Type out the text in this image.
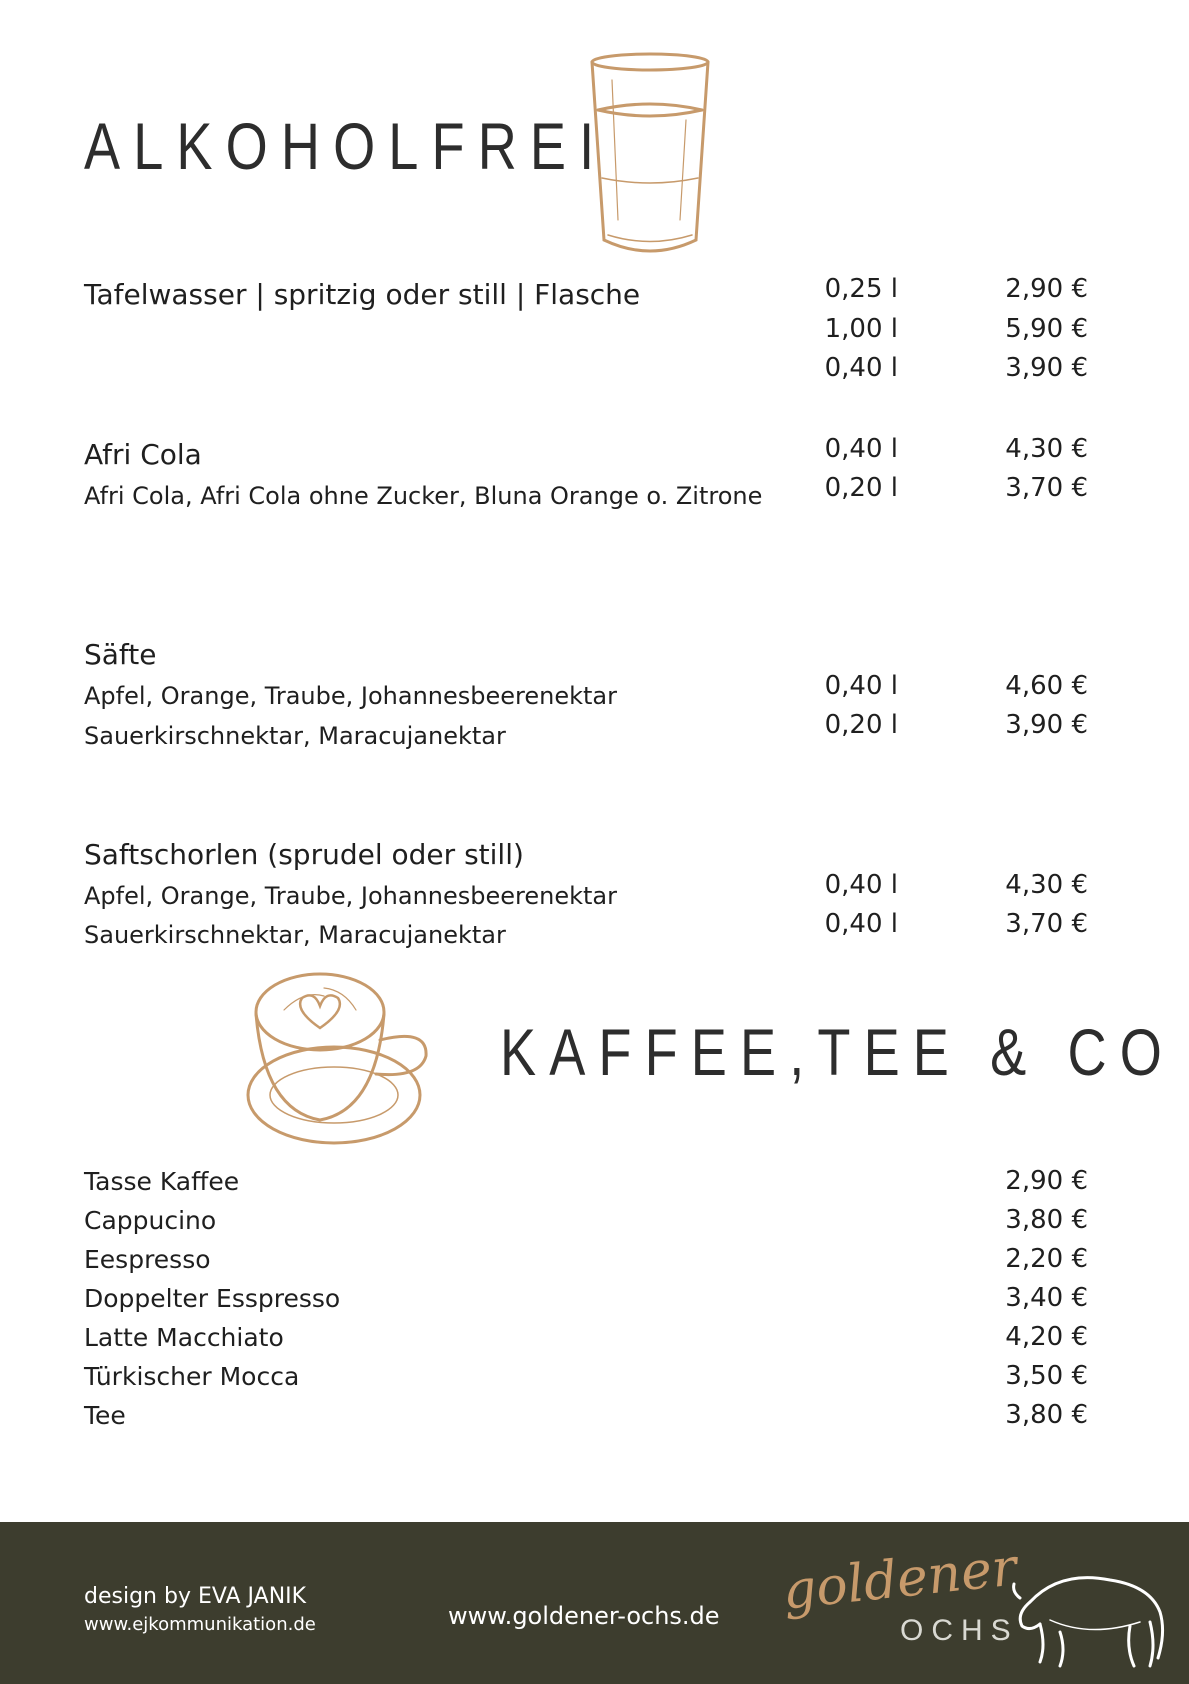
ALKOHOLFREI
Tafelwasser | spritzig oder still | Flasche	0,25 l	2,90 €
1,00 l	5,90 €
0,40 l	3,90 €
Afri Cola
Afri Cola, Afri Cola ohne Zucker, Bluna Orange o. Zitrone
0,40 l	4,30 €
0,20 l	3,70 €
Säfte
Apfel, Orange, Traube, Johannesbeerenektar
Sauerkirschnektar, Maracujanektar
0,40 l	4,60 €
0,20 l	3,90 €
Saftschorlen (sprudel oder still)
Apfel, Orange, Traube, Johannesbeerenektar
Sauerkirschnektar, Maracujanektar
0,40 l	4,30 €
0,40 l	3,70 €
KAFFEE,TEE & CO
Tasse Kaffee	2,90 €
Cappucino	3,80 €
Eespresso	2,20 €
Doppelter Esspresso	3,40 €
Latte Macchiato	4,20 €
Türkischer Mocca	3,50 €
Tee	3,80 €
design by EVA JANIK
www.ejkommunikation.de	www.goldener-ochs.de goldener
OCHS
